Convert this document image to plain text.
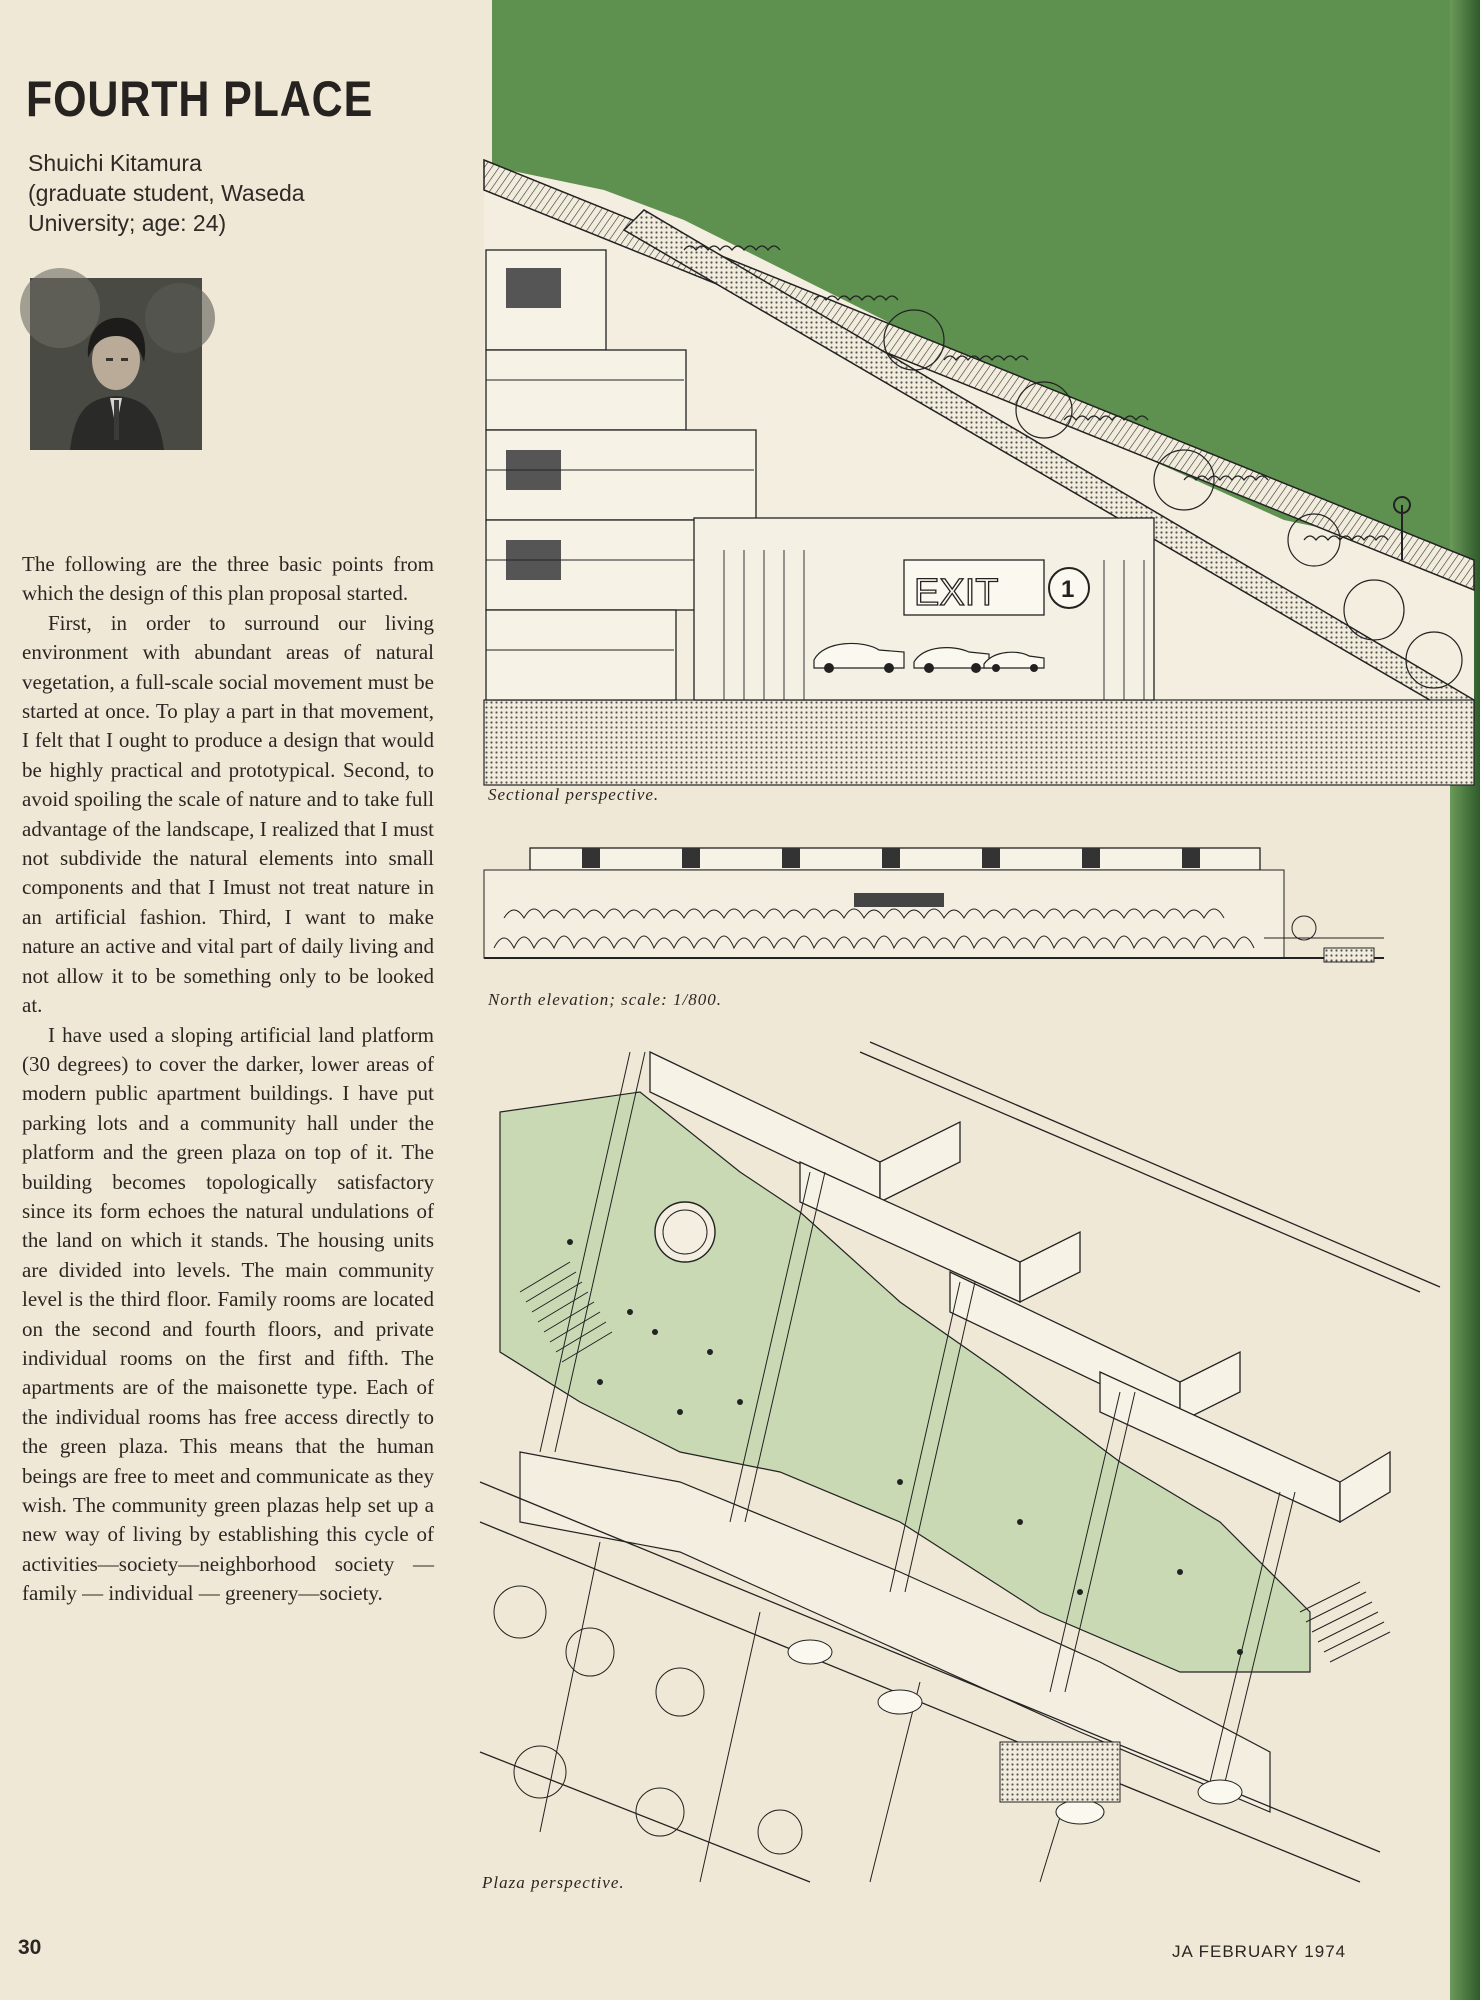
FOURTH PLACE
Shuichi Kitamura
(graduate student, Waseda University; age: 24)

The following are the three basic points from which the design of this plan proposal started.

First, in order to surround our living environment with abundant areas of natural vegetation, a full-scale social movement must be started at once. To play a part in that movement, I felt that I ought to produce a design that would be highly practical and prototypical. Second, to avoid spoiling the scale of nature and to take full advantage of the landscape, I realized that I must not subdivide the natural elements into small components and that I Imust not treat nature in an artificial fashion. Third, I want to make nature an active and vital part of daily living and not allow it to be something only to be looked at.

I have used a sloping artificial land platform (30 degrees) to cover the darker, lower areas of modern public apartment buildings. I have put parking lots and a community hall under the platform and the green plaza on top of it. The building becomes topologically satisfactory since its form echoes the natural undulations of the land on which it stands. The housing units are divided into levels. The main community level is the third floor. Family rooms are located on the second and fourth floors, and private individual rooms on the first and fifth. The apartments are of the maisonette type. Each of the individual rooms has free access directly to the green plaza. This means that the human beings are free to meet and communicate as they wish. The community green plazas help set up a new way of living by establishing this cycle of activities—society—neighborhood society — family — individual — greenery—society.

EXIT	1
Sectional perspective.
North elevation; scale: 1/800.
Plaza perspective.
30	JA FEBRUARY 1974
